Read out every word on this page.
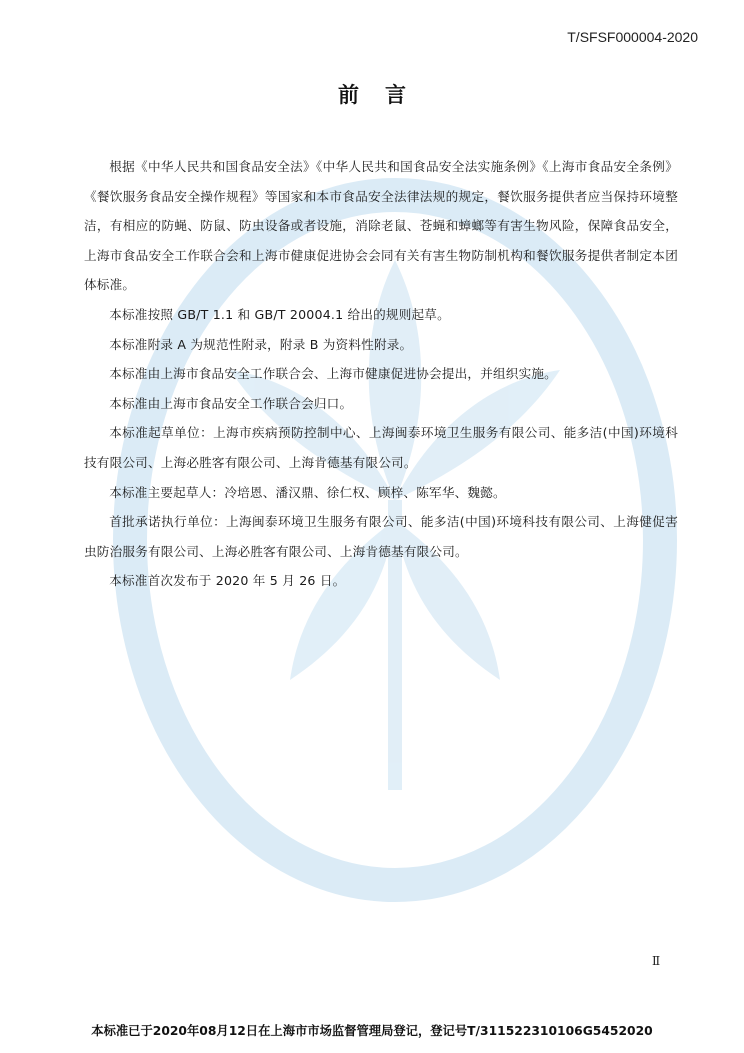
T/SFSF000004-2020
前言

根据《中华人民共和国食品安全法》《中华人民共和国食品安全法实施条例》《上海市食品安全条例》《餐饮服务食品安全操作规程》等国家和本市食品安全法律法规的规定，餐饮服务提供者应当保持环境整洁，有相应的防蝇、防鼠、防虫设备或者设施，消除老鼠、苍蝇和蟑螂等有害生物风险，保障食品安全，上海市食品安全工作联合会和上海市健康促进协会会同有关有害生物防制机构和餐饮服务提供者制定本团体标准。

本标准按照 GB/T 1.1 和 GB/T 20004.1 给出的规则起草。

本标准附录 A 为规范性附录，附录 B 为资料性附录。

本标准由上海市食品安全工作联合会、上海市健康促进协会提出，并组织实施。

本标准由上海市食品安全工作联合会归口。

本标准起草单位：上海市疾病预防控制中心、上海闽泰环境卫生服务有限公司、能多洁(中国)环境科技有限公司、上海必胜客有限公司、上海肯德基有限公司。

本标准主要起草人：冷培恩、潘汉鼎、徐仁权、顾梓、陈军华、魏懿。

首批承诺执行单位：上海闽泰环境卫生服务有限公司、能多洁(中国)环境科技有限公司、上海健促害虫防治服务有限公司、上海必胜客有限公司、上海肯德基有限公司。

本标准首次发布于 2020 年 5 月 26 日。

Ⅱ
本标准已于2020年08月12日在上海市市场监督管理局登记，登记号T/311522310106G5452020
